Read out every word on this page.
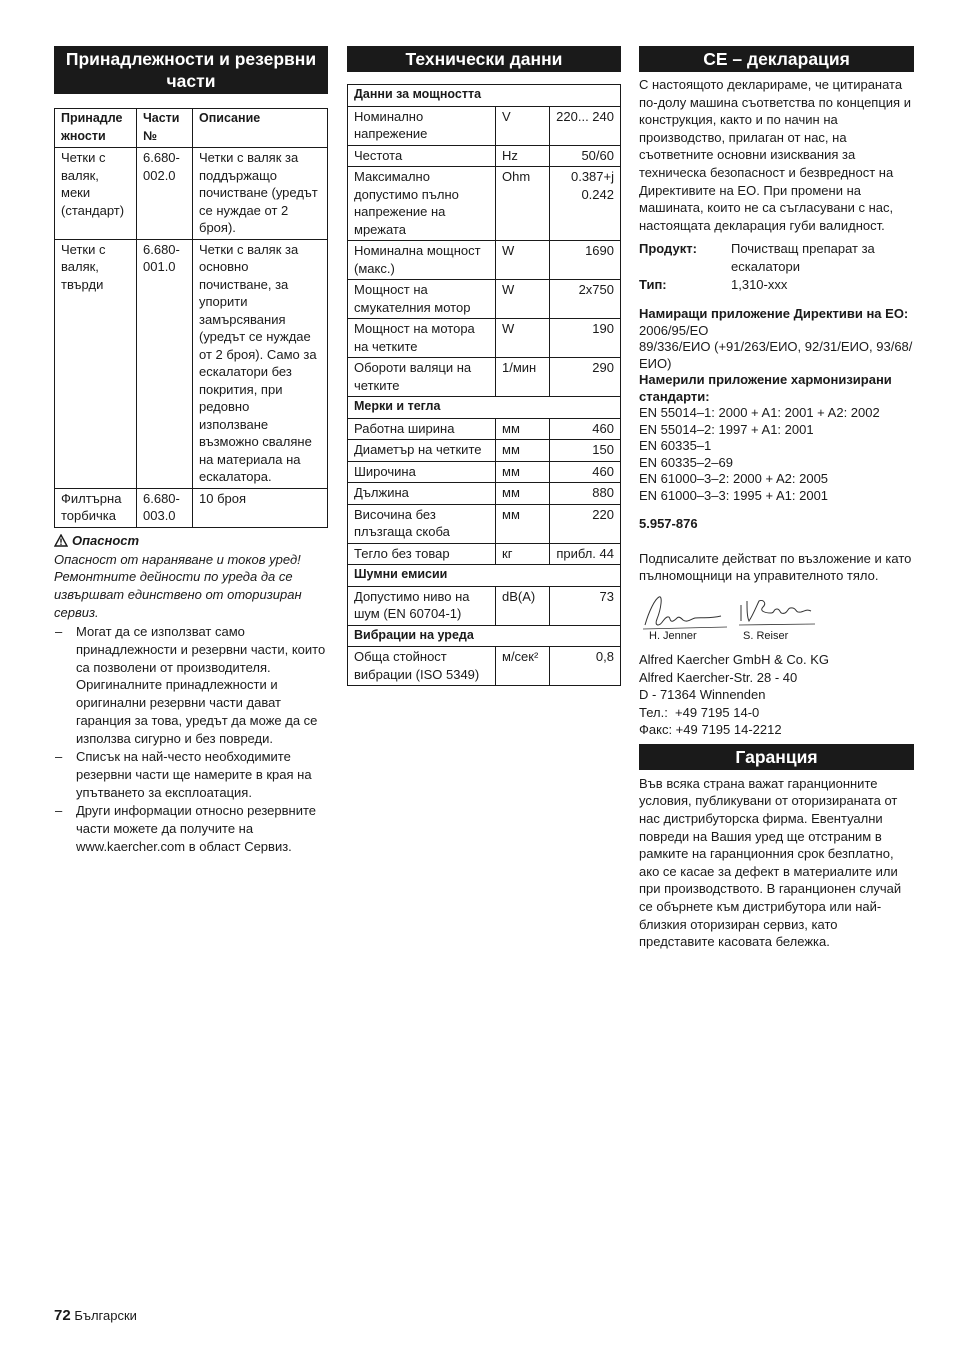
Принадлежности и резервни части
Принадле жности	Части №	Описание
Четки с валяк, меки (стандарт)	6.680-002.0	Четки с валяк за поддържащо почистване (уредът се нуждае от 2 броя).
Четки с валяк, твърди	6.680-001.0	Четки с валяк за основно почистване, за упорити замърсявания (уредът се нуждае от 2 броя). Само за ескалатори без покрития, при редовно използване възможно сваляне на материала на ескалатора.
Филтърна торбичка	6.680-003.0	10 броя
Опасност

Опасност от нараняване и токов уред! Ремонтните дейности по уреда да се извършват единствено от оторизиран сервиз.

– Могат да се използват само принадлежности и резервни части, които са позволени от производителя. Оригиналните принадлежности и оригинални резервни части дават гаранция за това, уредът да може да се използва сигурно и без повреди.
– Списък на най-често необходимите резервни части ще намерите в края на упътването за експлоатация.
– Други информации относно резервните части можете да получите на www.kaercher.com в област Сервиз.
Технически данни
Данни за мощността		
Номинално напрежение	V	220... 240
Честота	Hz	50/60
Максимално допустимо пълно напрежение на мрежата	Ohm	0.387+j 0.242
Номинална мощност (макс.)	W	1690
Мощност на смукателния мотор	W	2x750
Мощност на мотора на четките	W	190
Обороти валяци на четките	1/мин	290
Мерки и тегла		
Работна ширина	мм	460
Диаметър на четките	мм	150
Широчина	мм	460
Дължина	мм	880
Височина без плъзгаща скоба	мм	220
Тегло без товар	кг	прибл. 44
Шумни емисии		
Допустимо ниво на шум (EN 60704-1)	dB(A)	73
Вибрации на уреда		
Обща стойност вибрации (ISO 5349)	м/сек²	0,8
CE – декларация

С настоящото декларираме, че цитираната по-долу машина съответства по концепция и конструкция, както и по начин на производство, прилаган от нас, на съответните основни изисквания за техническа безопасност и безвредност на Директивите на ЕО. При промени на машината, които не са съгласувани с нас, настоящата декларация губи валидност.

Продукт:	Почистващ препарат за ескалатори
Тип:	1,310-xxx

Намиращи приложение Директиви на ЕО:

2006/95/ЕО

89/336/ЕИО (+91/263/ЕИО, 92/31/ЕИО, 93/68/ЕИО)

Намерили приложение хармонизирани стандарти:

EN 55014–1: 2000 + A1: 2001 + A2: 2002

EN 55014–2: 1997 + A1: 2001

EN 60335–1

EN 60335–2–69

EN 61000–3–2: 2000 + A2: 2005

EN 61000–3–3: 1995 + A1: 2001

5.957-876

Подписалите действат по възложение и като пълномощници на управителното тяло.

H. Jenner	S. Reiser

Alfred Kaercher GmbH & Co. KG

Alfred Kaercher-Str. 28 - 40

D - 71364 Winnenden

Тел.:  +49 7195 14-0

Факс: +49 7195 14-2212

Гаранция

Във всяка страна важат гаранционните условия, публикувани от оторизираната от нас дистрибуторска фирма. Евентуални повреди на Вашия уред ще отстраним в рамките на гаранционния срок безплатно, ако се касае за дефект в материалите или при производството. В гаранционен случай се обърнете към дистрибутора или най-близкия оторизиран сервиз, като представите касовата бележка.

72 Български
